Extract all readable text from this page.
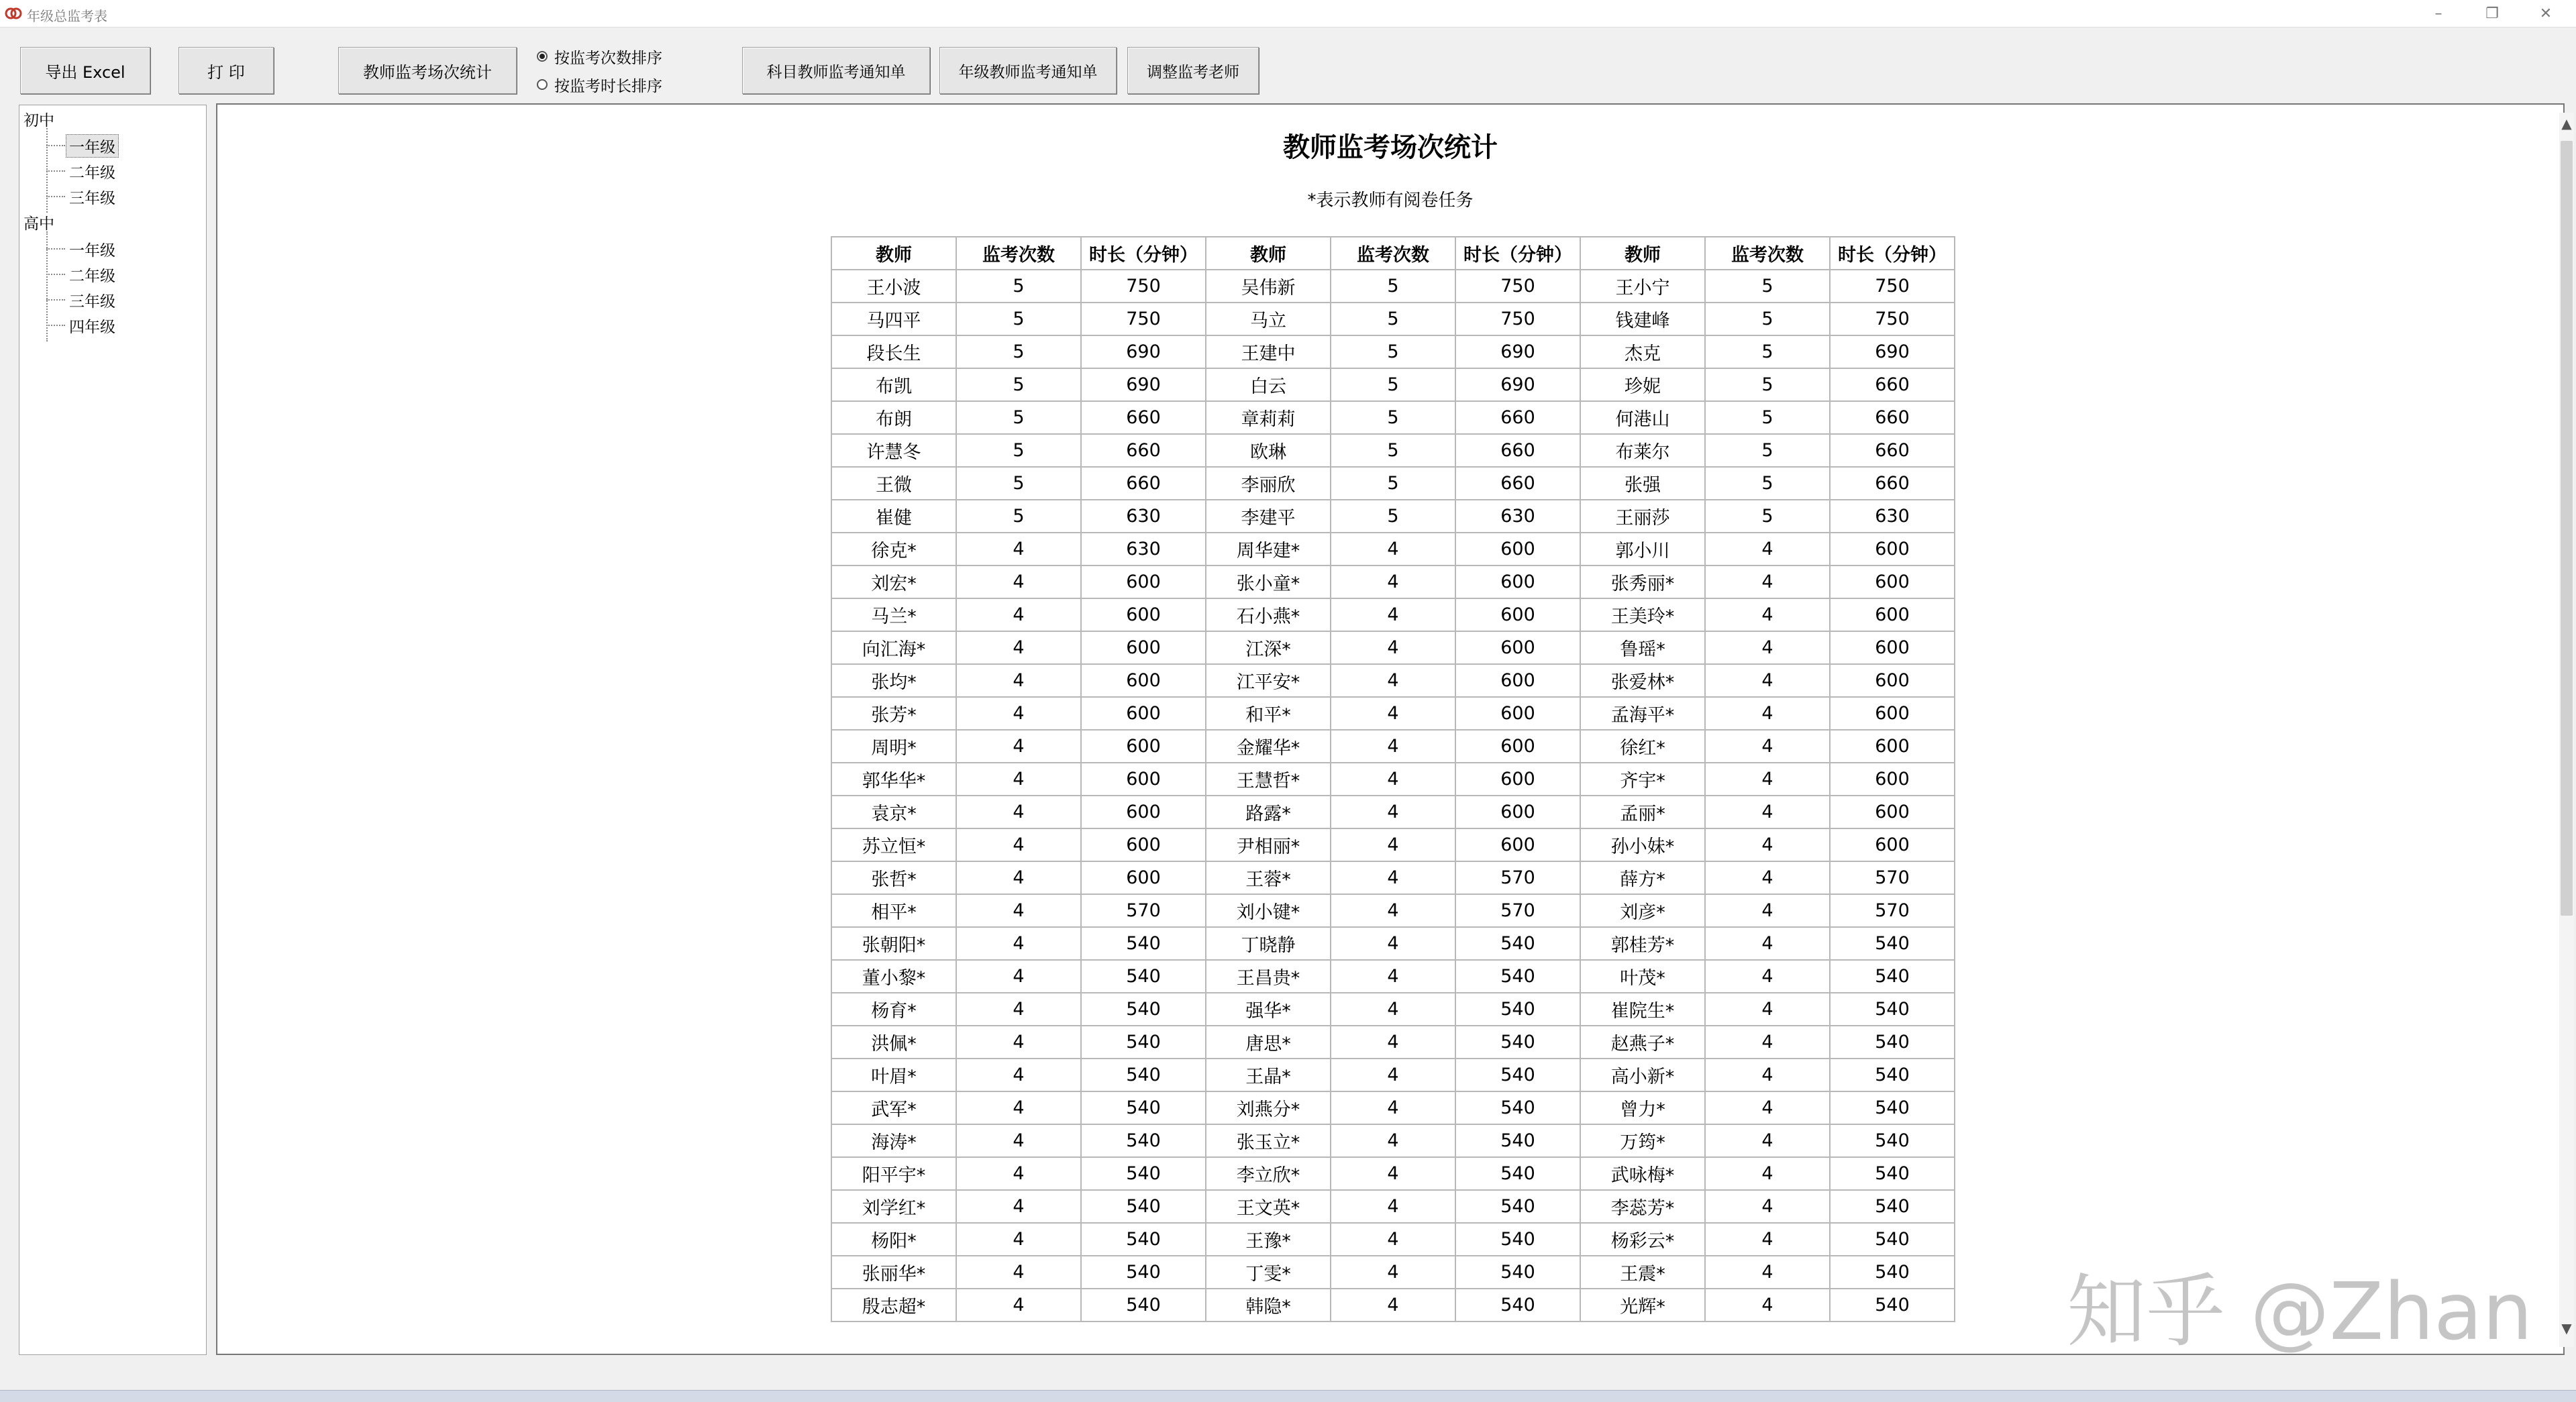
年级总监考表	–	❐	✕
导出 Excel	打 印	教师监考场次统计
按监考次数排序
按监考时长排序
科目教师监考通知单	年级教师监考通知单	调整监考老师
初中
一年级
二年级
三年级
高中
一年级
二年级
三年级
四年级
教师监考场次统计
*表示教师有阅卷任务
教师	监考次数	时长（分钟）	教师	监考次数	时长（分钟）	教师	监考次数	时长（分钟）
王小波	5	750	吴伟新	5	750	王小宁	5	750
马四平	5	750	马立	5	750	钱建峰	5	750
段长生	5	690	王建中	5	690	杰克	5	690
布凯	5	690	白云	5	690	珍妮	5	660
布朗	5	660	章莉莉	5	660	何港山	5	660
许慧冬	5	660	欧琳	5	660	布莱尔	5	660
王微	5	660	李丽欣	5	660	张强	5	660
崔健	5	630	李建平	5	630	王丽莎	5	630
徐克*	4	630	周华建*	4	600	郭小川	4	600
刘宏*	4	600	张小童*	4	600	张秀丽*	4	600
马兰*	4	600	石小燕*	4	600	王美玲*	4	600
向汇海*	4	600	江深*	4	600	鲁瑶*	4	600
张均*	4	600	江平安*	4	600	张爱林*	4	600
张芳*	4	600	和平*	4	600	孟海平*	4	600
周明*	4	600	金耀华*	4	600	徐红*	4	600
郭华华*	4	600	王慧哲*	4	600	齐宇*	4	600
袁京*	4	600	路露*	4	600	孟丽*	4	600
苏立恒*	4	600	尹相丽*	4	600	孙小妹*	4	600
张哲*	4	600	王蓉*	4	570	薛方*	4	570
相平*	4	570	刘小键*	4	570	刘彦*	4	570
张朝阳*	4	540	丁晓静	4	540	郭桂芳*	4	540
董小黎*	4	540	王昌贵*	4	540	叶茂*	4	540
杨育*	4	540	强华*	4	540	崔院生*	4	540
洪佩*	4	540	唐思*	4	540	赵燕子*	4	540
叶眉*	4	540	王晶*	4	540	高小新*	4	540
武军*	4	540	刘燕分*	4	540	曾力*	4	540
海涛*	4	540	张玉立*	4	540	万筠*	4	540
阳平宇*	4	540	李立欣*	4	540	武咏梅*	4	540
刘学红*	4	540	王文英*	4	540	李蕊芳*	4	540
杨阳*	4	540	王豫*	4	540	杨彩云*	4	540
张丽华*	4	540	丁雯*	4	540	王震*	4	540
殷志超*	4	540	韩隐*	4	540	光辉*	4	540
▲
▼
知乎 @Zhan
